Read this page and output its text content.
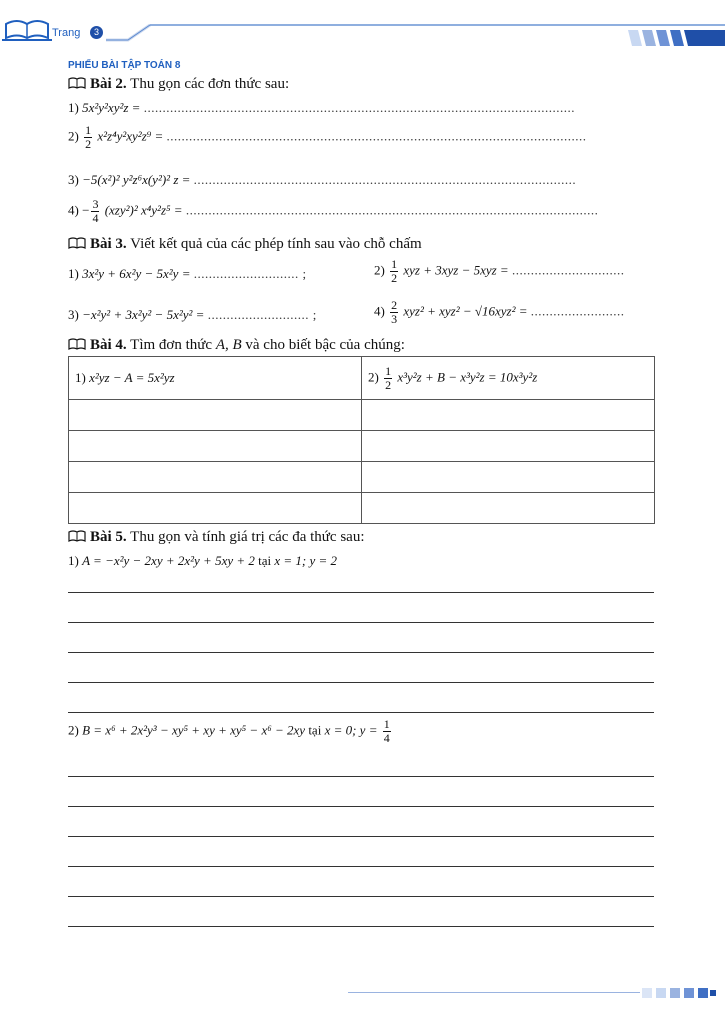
Trang	3
PHIẾU BÀI TẬP TOÁN 8
Bài 2. Thu gọn các đơn thức sau:
1) 5x²y²xy²z = ...................................................................................................................
$2) \frac{1}{2} x^2z^4y^2xy^2z^9$ = ................................................................................................................
3) −5(x²)² y²z⁶x(y²)² z = ......................................................................................................
$4) - \frac{3}{4} (xzy^2)^2$ x⁴y²z⁵ = ..............................................................................................................
Bài 3. Viết kết quả của các phép tính sau vào chỗ chấm
1) 3x²y + 6x²y − 5x²y = ............................ ;	$2) \frac{1}{2}$ xyz + 3xyz − 5xyz = ..............................
3) −x²y² + 3x²y² − 5x²y² = ........................... ;	$4) \frac{2}{3} xyz^2 + xyz^2 - √16xyz^2$ = .........................
Bài 4. Tìm đơn thức A, B và cho biết bậc của chúng:
1) x²yz − A = 5x²yz	$2) \frac{1}{2} x^3y^2z + B - x^3y^2z = 10x^3y^2z$

Bài 5. Thu gọn và tính giá trị các đa thức sau:
1) A = −x²y − 2xy + 2x²y + 5xy + 2 tại x = 1; y = 2
2) B = x⁶ + 2x²y³ − xy⁵ + xy + xy⁵ − x⁶ − 2xy tại x = 0; $y = \frac{1}{4}$
